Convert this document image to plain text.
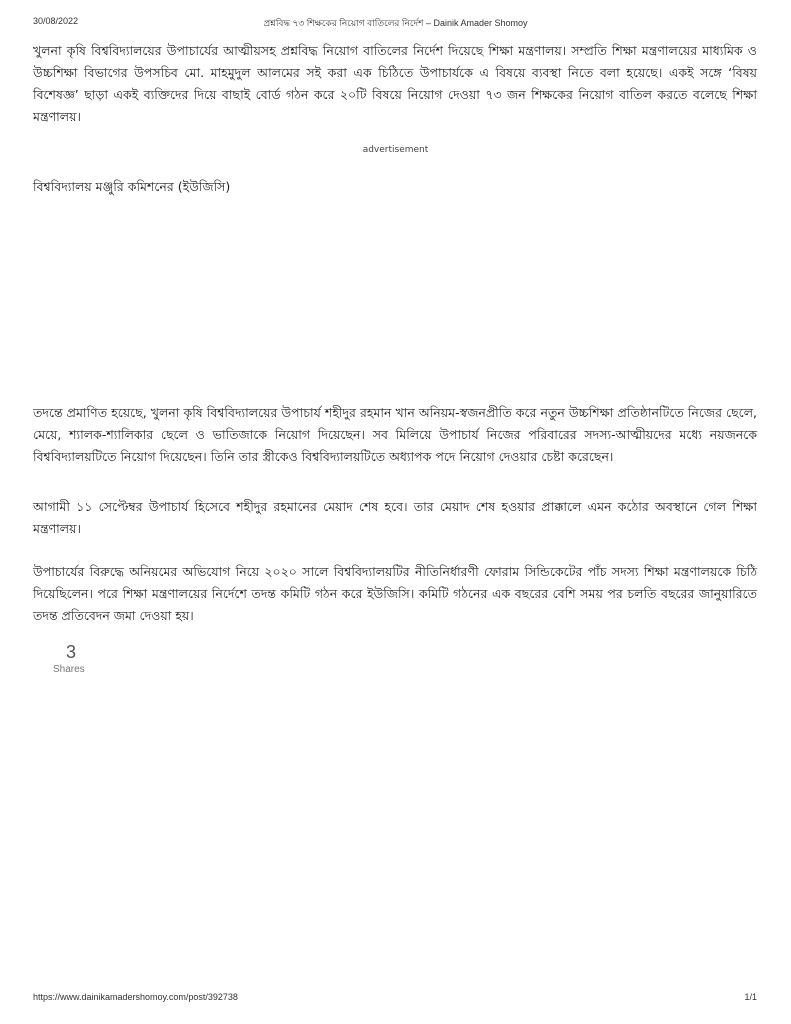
30/08/2022	প্রশ্নবিদ্ধ ৭৩ শিক্ষকের নিয়োগ বাতিলের নির্দেশ – Dainik Amader Shomoy

খুলনা কৃষি বিশ্ববিদ্যালয়ের উপাচার্যের আত্মীয়সহ প্রশ্নবিদ্ধ নিয়োগ বাতিলের নির্দেশ দিয়েছে শিক্ষা মন্ত্রণালয়। সম্প্রতি শিক্ষা মন্ত্রণালয়ের মাধ্যমিক ও উচ্চশিক্ষা বিভাগের উপসচিব মো. মাহমুদুল আলমের সই করা এক চিঠিতে উপাচার্যকে এ বিষয়ে ব্যবস্থা নিতে বলা হয়েছে। একই সঙ্গে ‘বিষয় বিশেষজ্ঞ’ ছাড়া একই ব্যক্তিদের দিয়ে বাছাই বোর্ড গঠন করে ২০টি বিষয়ে নিয়োগ দেওয়া ৭৩ জন শিক্ষকের নিয়োগ বাতিল করতে বলেছে শিক্ষা মন্ত্রণালয়।

advertisement

বিশ্ববিদ্যালয় মঞ্জুরি কমিশনের (ইউজিসি)

তদন্তে প্রমাণিত হয়েছে, খুলনা কৃষি বিশ্ববিদ্যালয়ের উপাচার্য শহীদুর রহমান খান অনিয়ম-স্বজনপ্রীতি করে নতুন উচ্চশিক্ষা প্রতিষ্ঠানটিতে নিজের ছেলে, মেয়ে, শ্যালক-শ্যালিকার ছেলে ও ভাতিজাকে নিয়োগ দিয়েছেন। সব মিলিয়ে উপাচার্য নিজের পরিবারের সদস্য-আত্মীয়দের মধ্যে নয়জনকে বিশ্ববিদ্যালয়টিতে নিয়োগ দিয়েছেন। তিনি তার স্ত্রীকেও বিশ্ববিদ্যালয়টিতে অধ্যাপক পদে নিয়োগ দেওয়ার চেষ্টা করেছেন।

আগামী ১১ সেপ্টেম্বর উপাচার্য হিসেবে শহীদুর রহমানের মেয়াদ শেষ হবে। তার মেয়াদ শেষ হওয়ার প্রাক্কালে এমন কঠোর অবস্থানে গেল শিক্ষা মন্ত্রণালয়।

উপাচার্যের বিরুদ্ধে অনিয়মের অভিযোগ নিয়ে ২০২০ সালে বিশ্ববিদ্যালয়টির নীতিনির্ধারণী ফোরাম সিন্ডিকেটের পাঁচ সদস্য শিক্ষা মন্ত্রণালয়কে চিঠি দিয়েছিলেন। পরে শিক্ষা মন্ত্রণালয়ের নির্দেশে তদন্ত কমিটি গঠন করে ইউজিসি। কমিটি গঠনের এক বছরের বেশি সময় পর চলতি বছরের জানুয়ারিতে তদন্ত প্রতিবেদন জমা দেওয়া হয়।

3
Shares
https://www.dainikamadershomoy.com/post/392738	1/1
